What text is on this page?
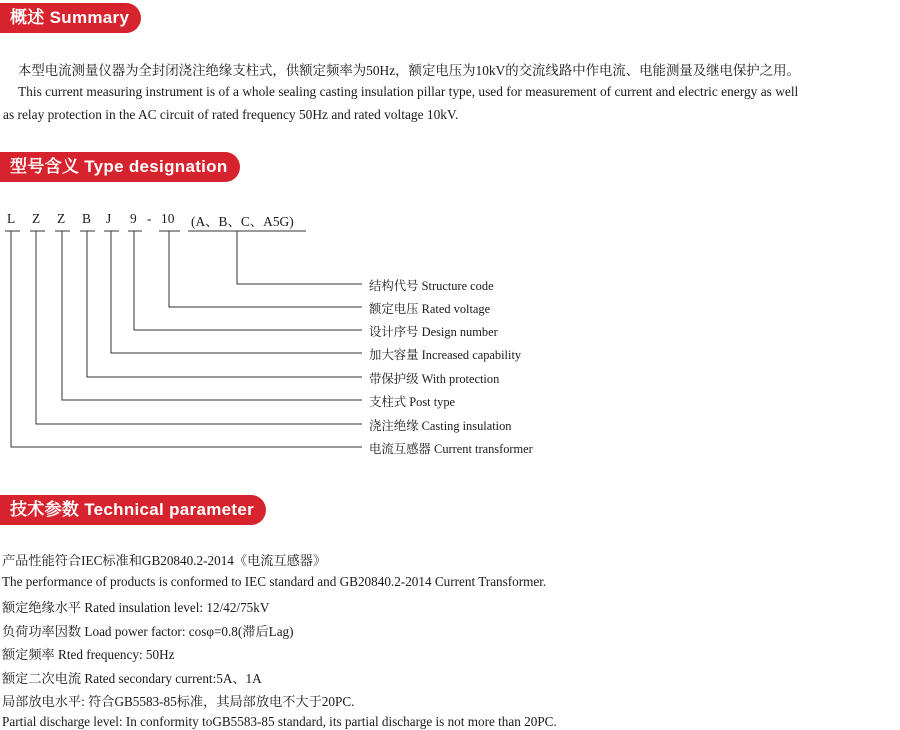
概述 Summary
本型电流测量仪器为全封闭浇注绝缘支柱式，供额定频率为50Hz，额定电压为10kV的交流线路中作电流、电能测量及继电保护之用。
This current measuring instrument is of a whole sealing casting insulation pillar type, used for measurement of current and electric energy as well
as relay protection in the AC circuit of rated frequency 50Hz and rated voltage 10kV.
型号含义 Type designation
L Z Z B J 9 - 10 (A、B、C、A5G)
结构代号 Structure code
额定电压 Rated voltage
设计序号 Design number
加大容量 Increased capability
带保护级 With protection
支柱式 Post type
浇注绝缘 Casting insulation
电流互感器 Current transformer
技术参数 Technical parameter
产品性能符合IEC标准和GB20840.2-2014《电流互感器》
The performance of products is conformed to IEC standard and GB20840.2-2014 Current Transformer.
额定绝缘水平 Rated insulation level: 12/42/75kV
负荷功率因数 Load power factor: cosφ=0.8(滞后Lag)
额定频率 Rted frequency: 50Hz
额定二次电流 Rated secondary current:5A、1A
局部放电水平: 符合GB5583-85标准，其局部放电不大于20PC.
Partial discharge level: In conformity toGB5583-85 standard, its partial discharge is not more than 20PC.
